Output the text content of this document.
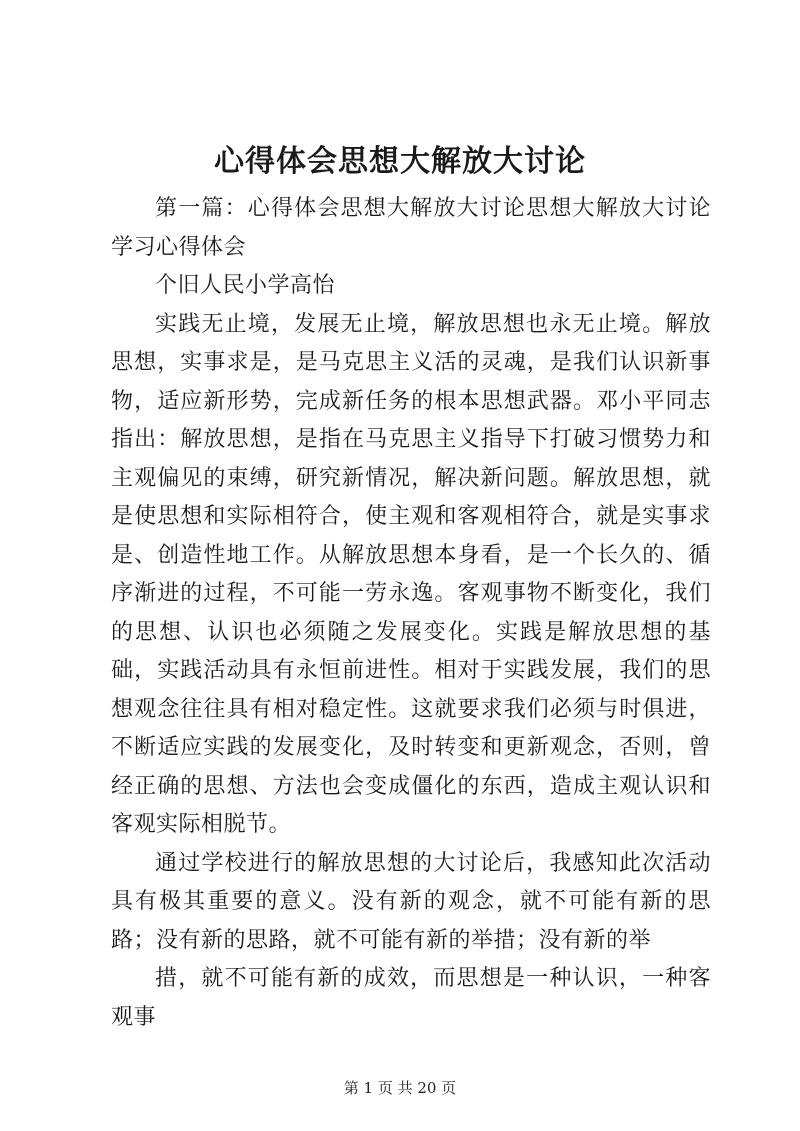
心得体会思想大解放大讨论

第一篇：心得体会思想大解放大讨论思想大解放大讨论学习心得体会

个旧人民小学高怡

实践无止境，发展无止境，解放思想也永无止境。解放思想，实事求是，是马克思主义活的灵魂，是我们认识新事物，适应新形势，完成新任务的根本思想武器。邓小平同志指出：解放思想，是指在马克思主义指导下打破习惯势力和主观偏见的束缚，研究新情况，解决新问题。解放思想，就是使思想和实际相符合，使主观和客观相符合，就是实事求是、创造性地工作。从解放思想本身看，是一个长久的、循序渐进的过程，不可能一劳永逸。客观事物不断变化，我们的思想、认识也必须随之发展变化。实践是解放思想的基础，实践活动具有永恒前进性。相对于实践发展，我们的思想观念往往具有相对稳定性。这就要求我们必须与时俱进，不断适应实践的发展变化，及时转变和更新观念，否则，曾经正确的思想、方法也会变成僵化的东西，造成主观认识和客观实际相脱节。

通过学校进行的解放思想的大讨论后，我感知此次活动具有极其重要的意义。没有新的观念，就不可能有新的思路；没有新的思路，就不可能有新的举措；没有新的举

措，就不可能有新的成效，而思想是一种认识，一种客观事

第 1 页 共 20 页
